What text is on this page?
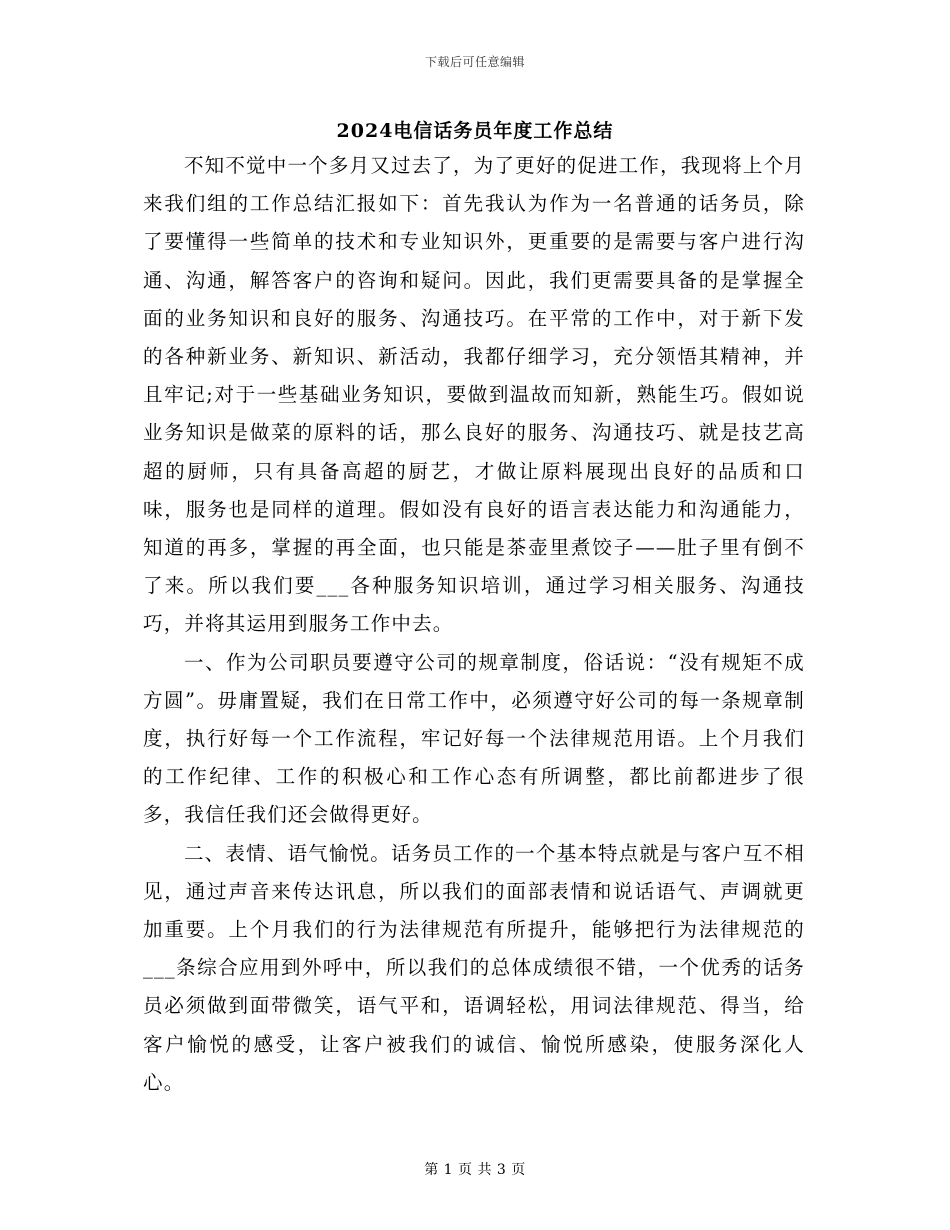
下载后可任意编辑
2024电信话务员年度工作总结

不知不觉中一个多月又过去了，为了更好的促进工作，我现将上个月来我们组的工作总结汇报如下：首先我认为作为一名普通的话务员，除了要懂得一些简单的技术和专业知识外，更重要的是需要与客户进行沟通、沟通，解答客户的咨询和疑问。因此，我们更需要具备的是掌握全面的业务知识和良好的服务、沟通技巧。在平常的工作中，对于新下发的各种新业务、新知识、新活动，我都仔细学习，充分领悟其精神，并且牢记;对于一些基础业务知识，要做到温故而知新，熟能生巧。假如说业务知识是做菜的原料的话，那么良好的服务、沟通技巧、就是技艺高超的厨师，只有具备高超的厨艺，才做让原料展现出良好的品质和口味，服务也是同样的道理。假如没有良好的语言表达能力和沟通能力，知道的再多，掌握的再全面，也只能是茶壶里煮饺子——肚子里有倒不了来。所以我们要___各种服务知识培训，通过学习相关服务、沟通技巧，并将其运用到服务工作中去。

一、作为公司职员要遵守公司的规章制度，俗话说：“没有规矩不成方圆”。毋庸置疑，我们在日常工作中，必须遵守好公司的每一条规章制度，执行好每一个工作流程，牢记好每一个法律规范用语。上个月我们的工作纪律、工作的积极心和工作心态有所调整，都比前都进步了很多，我信任我们还会做得更好。

二、表情、语气愉悦。话务员工作的一个基本特点就是与客户互不相见，通过声音来传达讯息，所以我们的面部表情和说话语气、声调就更加重要。上个月我们的行为法律规范有所提升，能够把行为法律规范的___条综合应用到外呼中，所以我们的总体成绩很不错，一个优秀的话务员必须做到面带微笑，语气平和，语调轻松，用词法律规范、得当，给客户愉悦的感受，让客户被我们的诚信、愉悦所感染，使服务深化人心。

第 1 页 共 3 页
